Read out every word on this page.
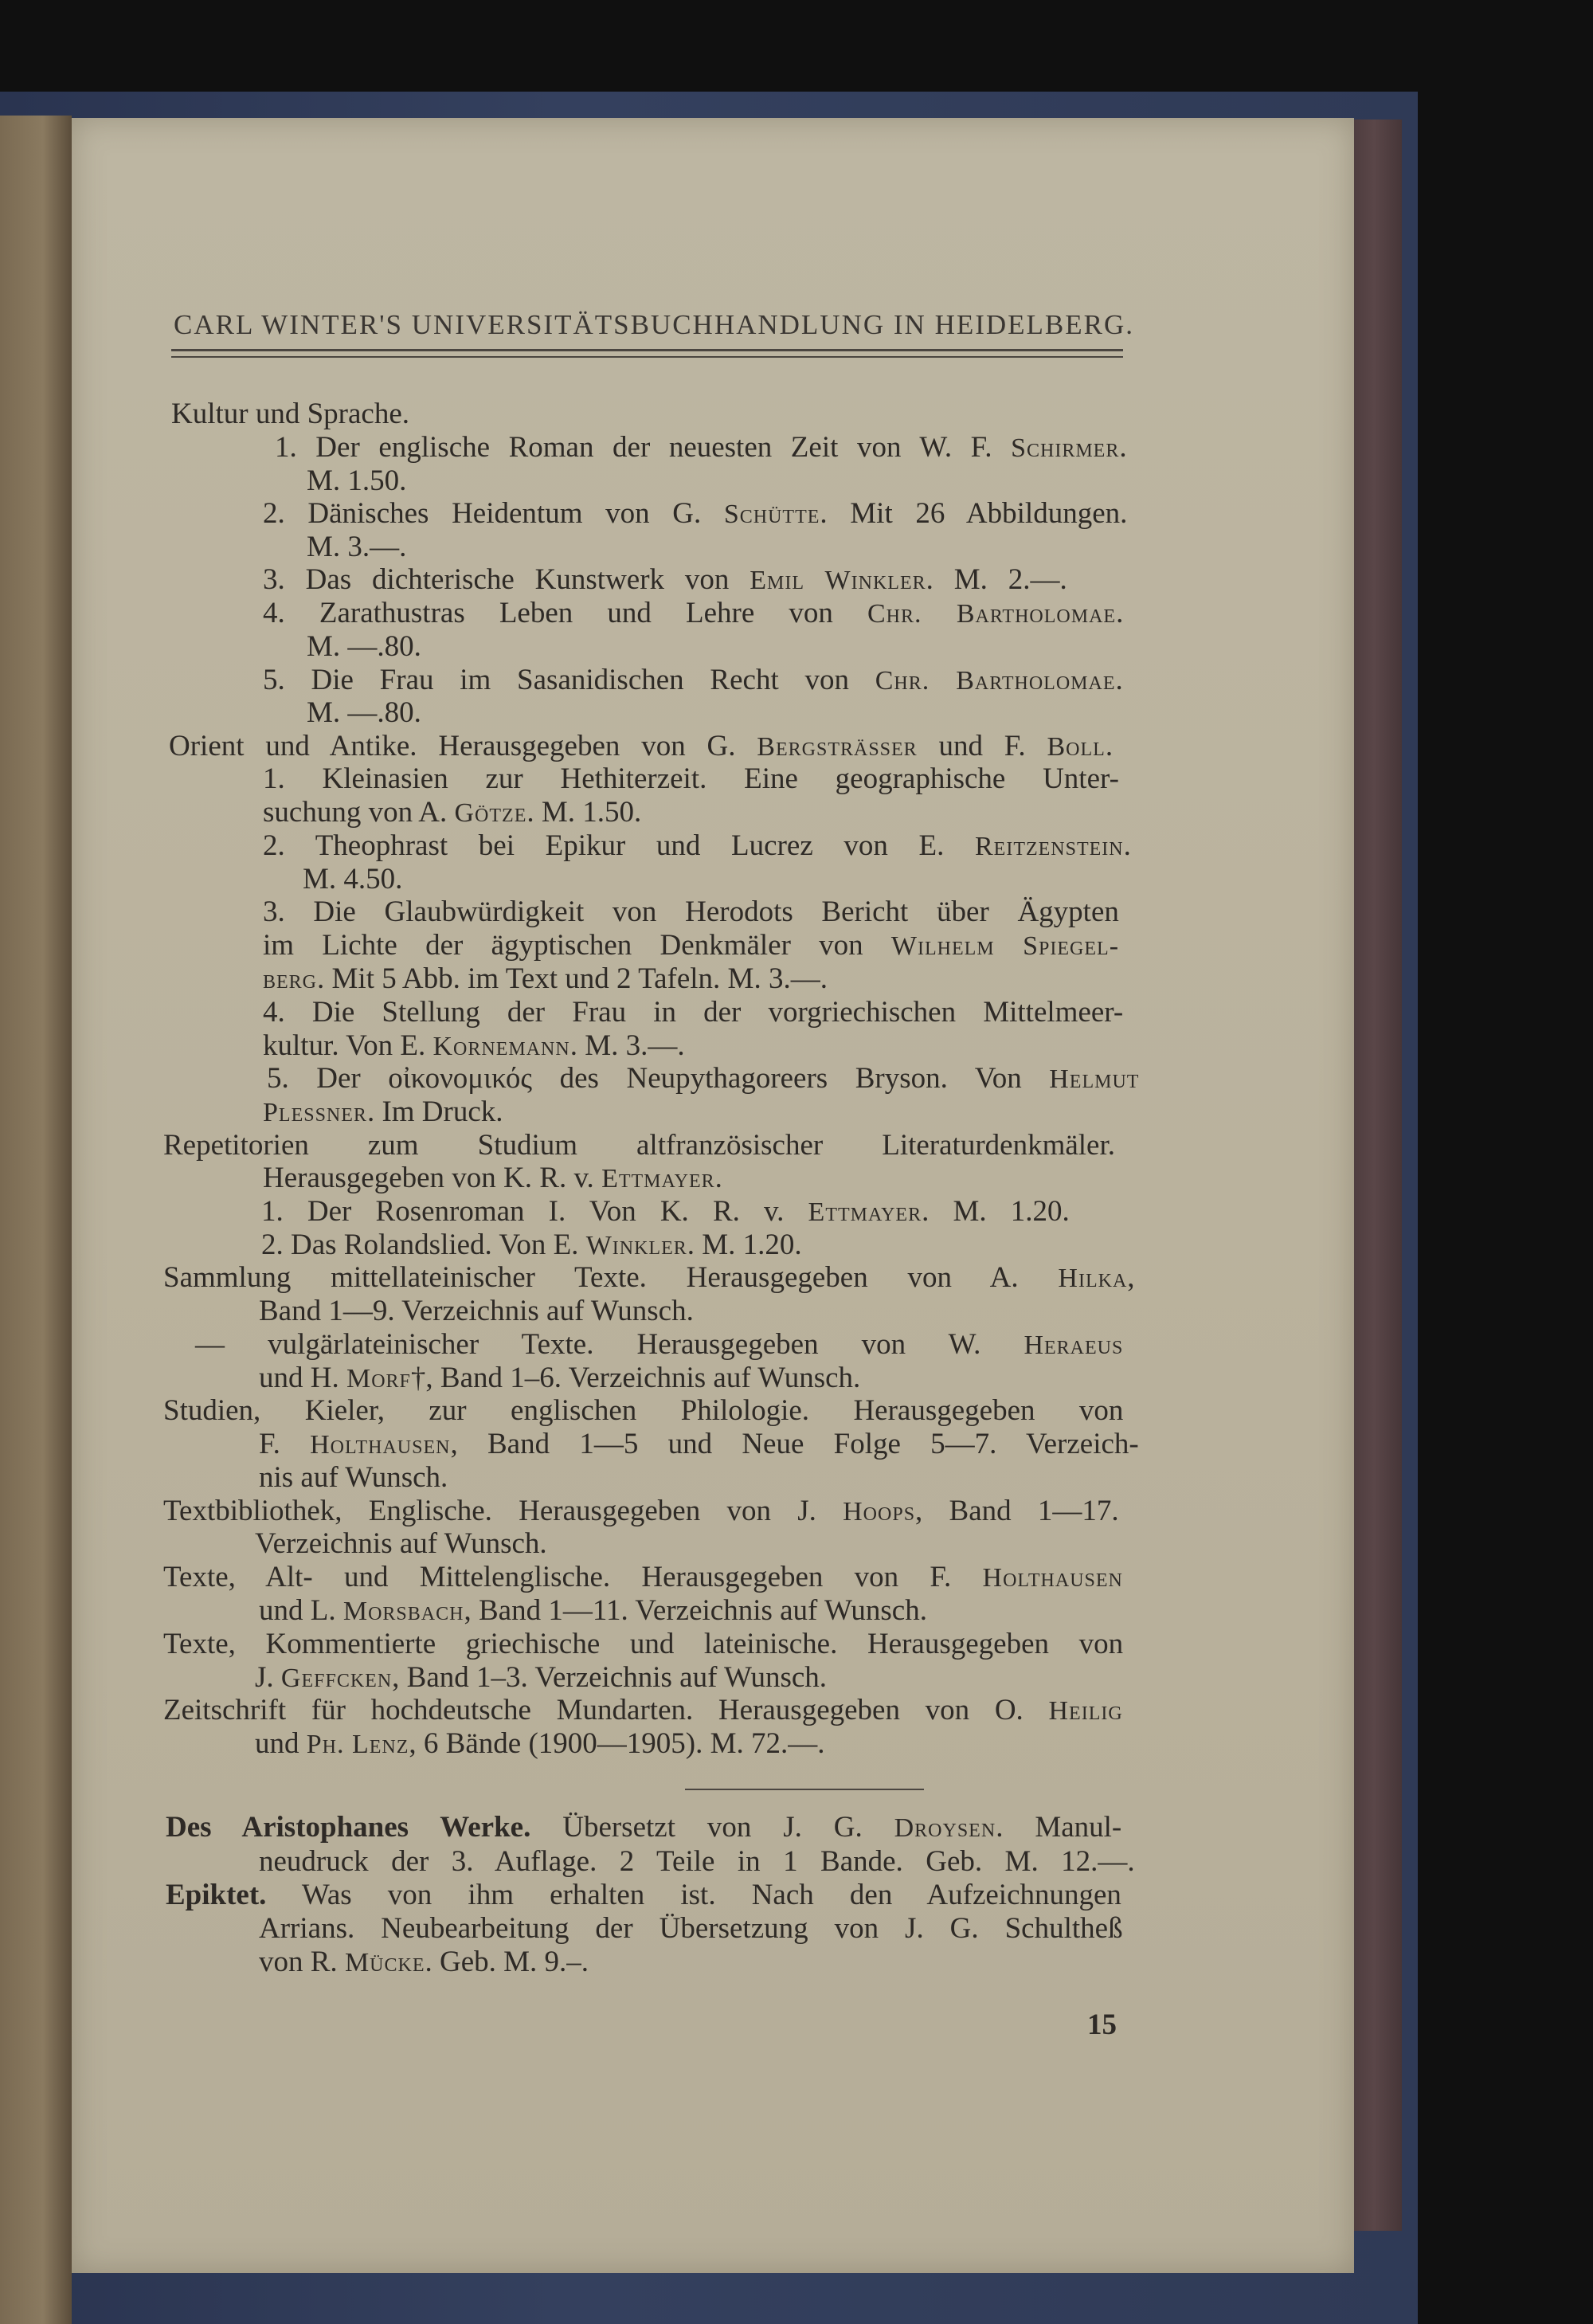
CARL WINTER'S UNIVERSITÄTSBUCHHANDLUNG IN HEIDELBERG.
Kultur und Sprache.
1. Der englische Roman der neuesten Zeit von W. F. Schirmer.
M. 1.50.
2. Dänisches Heidentum von G. Schütte. Mit 26 Abbildungen.
M. 3.—.
3. Das dichterische Kunstwerk von Emil Winkler. M. 2.—.
4. Zarathustras Leben und Lehre von Chr. Bartholomae.
M. —.80.
5. Die Frau im Sasanidischen Recht von Chr. Bartholomae.
M. —.80.
Orient und Antike. Herausgegeben von G. Bergsträsser und F. Boll.
1. Kleinasien zur Hethiterzeit. Eine geographische Unter-
suchung von A. Götze. M. 1.50.
2. Theophrast bei Epikur und Lucrez von E. Reitzenstein.
M. 4.50.
3. Die Glaubwürdigkeit von Herodots Bericht über Ägypten
im Lichte der ägyptischen Denkmäler von Wilhelm Spiegel-
berg. Mit 5 Abb. im Text und 2 Tafeln. M. 3.—.
4. Die Stellung der Frau in der vorgriechischen Mittelmeer-
kultur. Von E. Kornemann. M. 3.—.
5. Der οἰκονομικός des Neupythagoreers Bryson. Von Helmut
Plessner. Im Druck.
Repetitorien zum Studium altfranzösischer Literaturdenkmäler.
Herausgegeben von K. R. v. Ettmayer.
1. Der Rosenroman I. Von K. R. v. Ettmayer. M. 1.20.
2. Das Rolandslied. Von E. Winkler. M. 1.20.
Sammlung mittellateinischer Texte. Herausgegeben von A. Hilka,
Band 1—9. Verzeichnis auf Wunsch.
— vulgärlateinischer Texte. Herausgegeben von W. Heraeus
und H. Morf†, Band 1–6. Verzeichnis auf Wunsch.
Studien, Kieler, zur englischen Philologie. Herausgegeben von
F. Holthausen, Band 1—5 und Neue Folge 5—7. Verzeich-
nis auf Wunsch.
Textbibliothek, Englische. Herausgegeben von J. Hoops, Band 1—17.
Verzeichnis auf Wunsch.
Texte, Alt- und Mittelenglische. Herausgegeben von F. Holthausen
und L. Morsbach, Band 1—11. Verzeichnis auf Wunsch.
Texte, Kommentierte griechische und lateinische. Herausgegeben von
J. Geffcken, Band 1–3. Verzeichnis auf Wunsch.
Zeitschrift für hochdeutsche Mundarten. Herausgegeben von O. Heilig
und Ph. Lenz, 6 Bände (1900—1905). M. 72.—.
Des Aristophanes Werke. Übersetzt von J. G. Droysen. Manul-
neudruck der 3. Auflage. 2 Teile in 1 Bande. Geb. M. 12.—.
Epiktet. Was von ihm erhalten ist. Nach den Aufzeichnungen
Arrians. Neubearbeitung der Übersetzung von J. G. Schultheß
von R. Mücke. Geb. M. 9.–.
15
